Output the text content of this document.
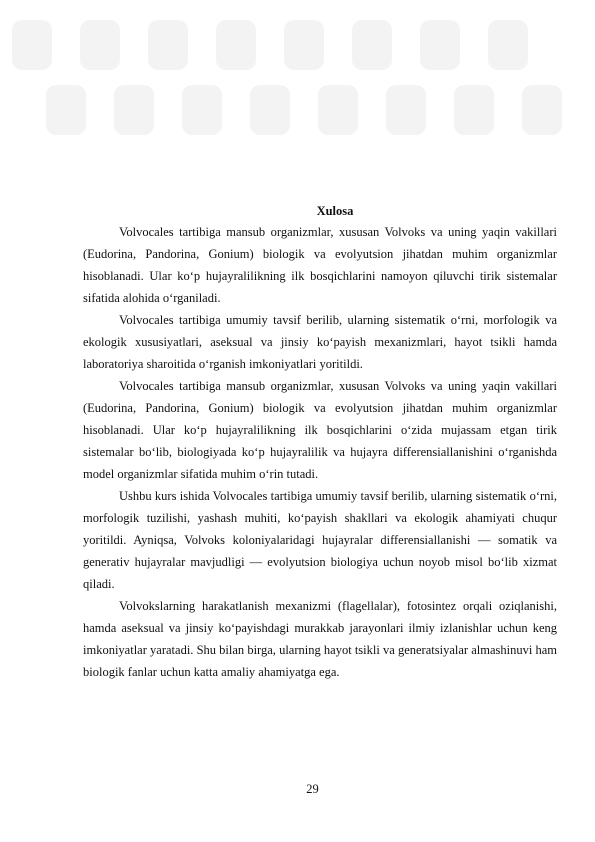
Xulosa

Volvocales tartibiga mansub organizmlar, xususan Volvoks va uning yaqin vakillari (Eudorina, Pandorina, Gonium) biologik va evolyutsion jihatdan muhim organizmlar hisoblanadi. Ular ko‘p hujayralilikning ilk bosqichlarini namoyon qiluvchi tirik sistemalar sifatida alohida o‘rganiladi.

Volvocales tartibiga umumiy tavsif berilib, ularning sistematik o‘rni, morfologik va ekologik xususiyatlari, aseksual va jinsiy ko‘payish mexanizmlari, hayot tsikli hamda laboratoriya sharoitida o‘rganish imkoniyatlari yoritildi.

Volvocales tartibiga mansub organizmlar, xususan Volvoks va uning yaqin vakillari (Eudorina, Pandorina, Gonium) biologik va evolyutsion jihatdan muhim organizmlar hisoblanadi. Ular ko‘p hujayralilikning ilk bosqichlarini o‘zida mujassam etgan tirik sistemalar bo‘lib, biologiyada ko‘p hujayralilik va hujayra differensiallanishini o‘rganishda model organizmlar sifatida muhim o‘rin tutadi.

Ushbu kurs ishida Volvocales tartibiga umumiy tavsif berilib, ularning sistematik o‘rni, morfologik tuzilishi, yashash muhiti, ko‘payish shakllari va ekologik ahamiyati chuqur yoritildi. Ayniqsa, Volvoks koloniyalaridagi hujayralar differensiallanishi — somatik va generativ hujayralar mavjudligi — evolyutsion biologiya uchun noyob misol bo‘lib xizmat qiladi.

Volvokslarning harakatlanish mexanizmi (flagellalar), fotosintez orqali oziqlanishi, hamda aseksual va jinsiy ko‘payishdagi murakkab jarayonlari ilmiy izlanishlar uchun keng imkoniyatlar yaratadi. Shu bilan birga, ularning hayot tsikli va generatsiyalar almashinuvi ham biologik fanlar uchun katta amaliy ahamiyatga ega.

29
